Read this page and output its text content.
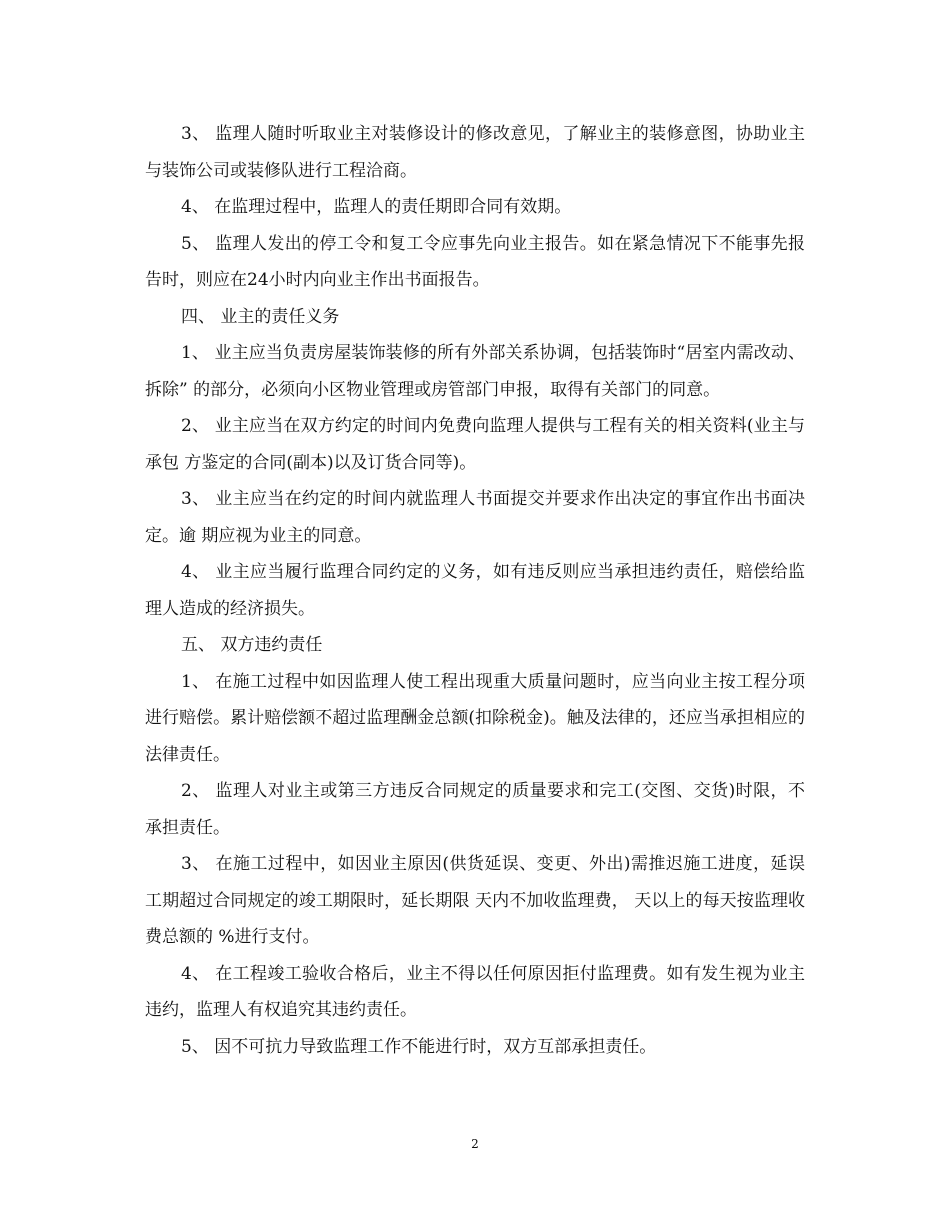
3、 监理人随时听取业主对装修设计的修改意见，了解业主的装修意图，协助业主与装饰公司或装修队进行工程洽商。

4、 在监理过程中，监理人的责任期即合同有效期。

5、 监理人发出的停工令和复工令应事先向业主报告。如在紧急情况下不能事先报告时，则应在24小时内向业主作出书面报告。

四、 业主的责任义务

1、 业主应当负责房屋装饰装修的所有外部关系协调，包括装饰时“居室内需改动、拆除” 的部分，必须向小区物业管理或房管部门申报，取得有关部门的同意。

2、 业主应当在双方约定的时间内免费向监理人提供与工程有关的相关资料(业主与承包 方鉴定的合同(副本)以及订货合同等)。

3、 业主应当在约定的时间内就监理人书面提交并要求作出决定的事宜作出书面决定。逾 期应视为业主的同意。

4、 业主应当履行监理合同约定的义务，如有违反则应当承担违约责任，赔偿给监理人造成的经济损失。

五、 双方违约责任

1、 在施工过程中如因监理人使工程出现重大质量问题时，应当向业主按工程分项进行赔偿。累计赔偿额不超过监理酬金总额(扣除税金)。触及法律的，还应当承担相应的法律责任。

2、 监理人对业主或第三方违反合同规定的质量要求和完工(交图、交货)时限，不承担责任。

3、 在施工过程中，如因业主原因(供货延误、变更、外出)需推迟施工进度，延误工期超过合同规定的竣工期限时，延长期限 天内不加收监理费， 天以上的每天按监理收费总额的 %进行支付。

4、 在工程竣工验收合格后，业主不得以任何原因拒付监理费。如有发生视为业主违约，监理人有权追究其违约责任。

5、 因不可抗力导致监理工作不能进行时，双方互部承担责任。

2
